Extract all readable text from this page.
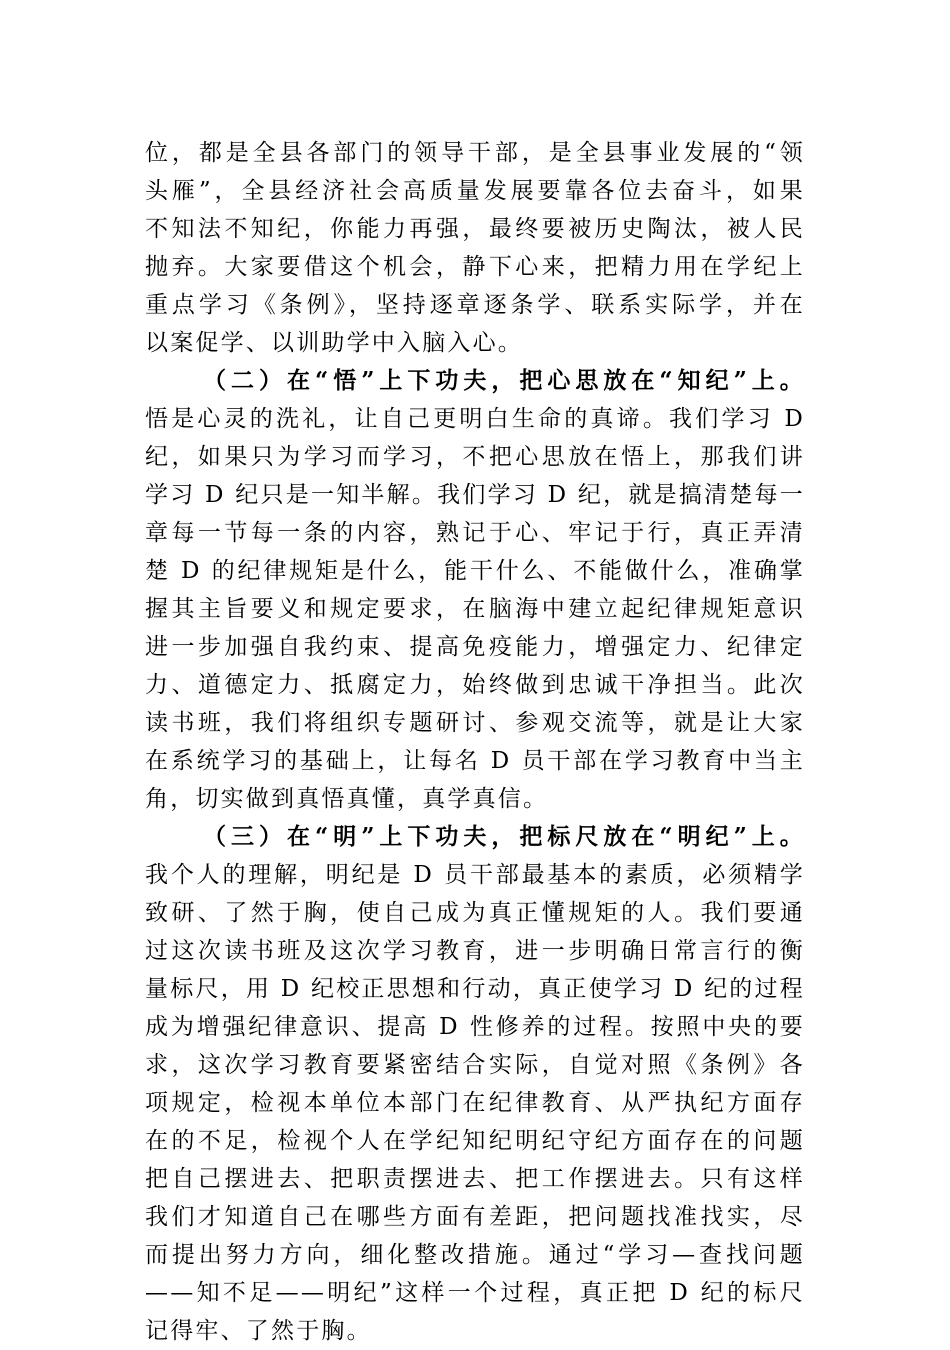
位，都是全县各部门的领导干部，是全县事业发展的“领
头雁”，全县经济社会高质量发展要靠各位去奋斗，如果
不知法不知纪，你能力再强，最终要被历史陶汰，被人民
抛弃。大家要借这个机会，静下心来，把精力用在学纪上
重点学习《条例》，坚持逐章逐条学、联系实际学，并在
以案促学、以训助学中入脑入心。
（二）在“悟”上下功夫，把心思放在“知纪”上。
悟是心灵的洗礼，让自己更明白生命的真谛。我们学习 D
纪，如果只为学习而学习，不把心思放在悟上，那我们讲
学习 D 纪只是一知半解。我们学习 D 纪，就是搞清楚每一
章每一节每一条的内容，熟记于心、牢记于行，真正弄清
楚 D 的纪律规矩是什么，能干什么、不能做什么，准确掌
握其主旨要义和规定要求，在脑海中建立起纪律规矩意识
进一步加强自我约束、提高免疫能力，增强定力、纪律定
力、道德定力、抵腐定力，始终做到忠诚干净担当。此次
读书班，我们将组织专题研讨、参观交流等，就是让大家
在系统学习的基础上，让每名 D 员干部在学习教育中当主
角，切实做到真悟真懂，真学真信。
（三）在“明”上下功夫，把标尺放在“明纪”上。
我个人的理解，明纪是 D 员干部最基本的素质，必须精学
致研、了然于胸，使自己成为真正懂规矩的人。我们要通
过这次读书班及这次学习教育，进一步明确日常言行的衡
量标尺，用 D 纪校正思想和行动，真正使学习 D 纪的过程
成为增强纪律意识、提高 D 性修养的过程。按照中央的要
求，这次学习教育要紧密结合实际，自觉对照《条例》各
项规定，检视本单位本部门在纪律教育、从严执纪方面存
在的不足，检视个人在学纪知纪明纪守纪方面存在的问题
把自己摆进去、把职责摆进去、把工作摆进去。只有这样
我们才知道自己在哪些方面有差距，把问题找准找实，尽
而提出努力方向，细化整改措施。通过“学习—查找问题
——知不足——明纪”这样一个过程，真正把 D 纪的标尺
记得牢、了然于胸。
